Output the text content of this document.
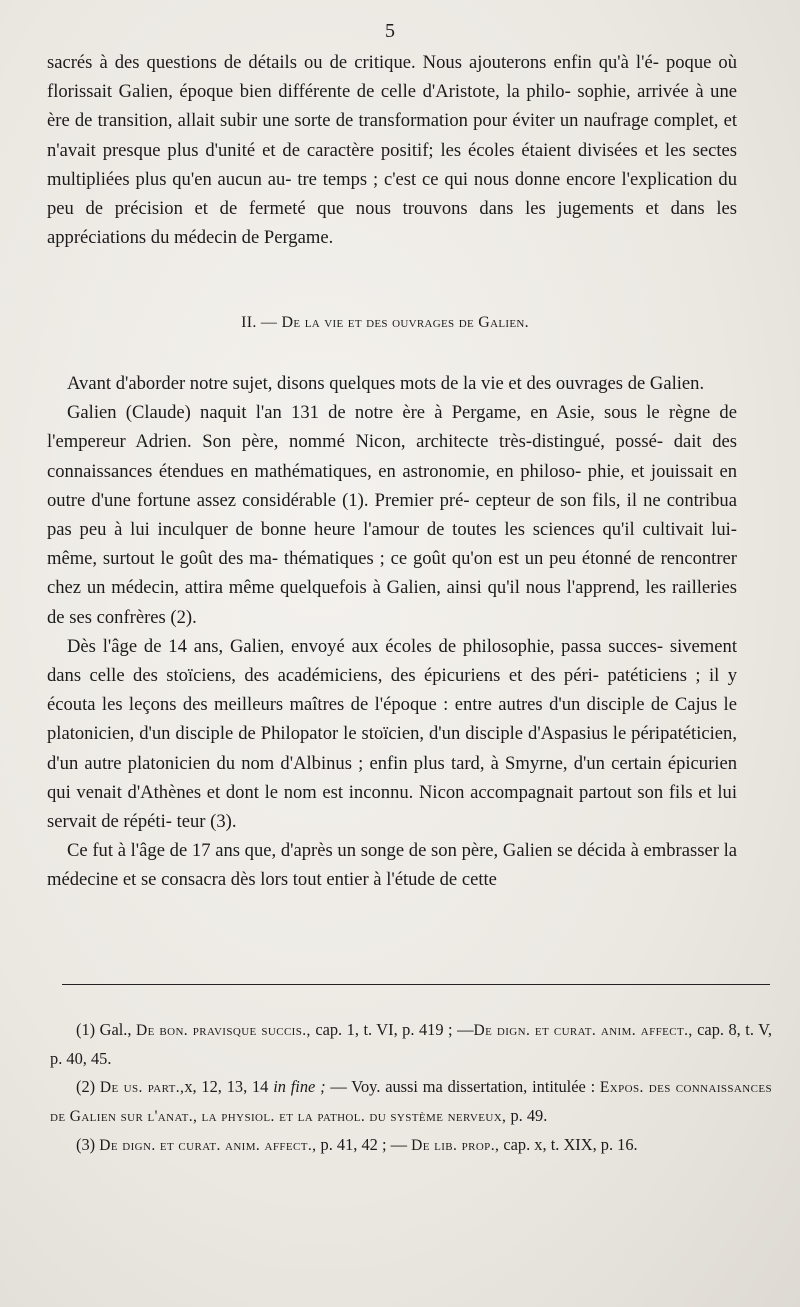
5

sacrés à des questions de détails ou de critique. Nous ajouterons enfin qu'à l'é- poque où florissait Galien, époque bien différente de celle d'Aristote, la philo- sophie, arrivée à une ère de transition, allait subir une sorte de transformation pour éviter un naufrage complet, et n'avait presque plus d'unité et de caractère positif; les écoles étaient divisées et les sectes multipliées plus qu'en aucun au- tre temps ; c'est ce qui nous donne encore l'explication du peu de précision et de fermeté que nous trouvons dans les jugements et dans les appréciations du médecin de Pergame.

II. — De la vie et des ouvrages de Galien.

Avant d'aborder notre sujet, disons quelques mots de la vie et des ouvrages de Galien.

Galien (Claude) naquit l'an 131 de notre ère à Pergame, en Asie, sous le règne de l'empereur Adrien. Son père, nommé Nicon, architecte très-distingué, possé- dait des connaissances étendues en mathématiques, en astronomie, en philoso- phie, et jouissait en outre d'une fortune assez considérable (1). Premier pré- cepteur de son fils, il ne contribua pas peu à lui inculquer de bonne heure l'amour de toutes les sciences qu'il cultivait lui-même, surtout le goût des ma- thématiques ; ce goût qu'on est un peu étonné de rencontrer chez un médecin, attira même quelquefois à Galien, ainsi qu'il nous l'apprend, les railleries de ses confrères (2).

Dès l'âge de 14 ans, Galien, envoyé aux écoles de philosophie, passa succes- sivement dans celle des stoïciens, des académiciens, des épicuriens et des péri- patéticiens ; il y écouta les leçons des meilleurs maîtres de l'époque : entre autres d'un disciple de Cajus le platonicien, d'un disciple de Philopator le stoïcien, d'un disciple d'Aspasius le péripatéticien, d'un autre platonicien du nom d'Albinus ; enfin plus tard, à Smyrne, d'un certain épicurien qui venait d'Athènes et dont le nom est inconnu. Nicon accompagnait partout son fils et lui servait de répéti- teur (3).

Ce fut à l'âge de 17 ans que, d'après un songe de son père, Galien se décida à embrasser la médecine et se consacra dès lors tout entier à l'étude de cette

(1) Gal., De bon. pravisque succis., cap. 1, t. VI, p. 419 ; —De dign. et curat. anim. affect., cap. 8, t. V, p. 40, 45.

(2) De us. part.,x, 12, 13, 14 in fine ; — Voy. aussi ma dissertation, intitulée : Expos. des connaissances de Galien sur l'anat., la physiol. et la pathol. du système nerveux, p. 49.

(3) De dign. et curat. anim. affect., p. 41, 42 ; — De lib. prop., cap. x, t. XIX, p. 16.
